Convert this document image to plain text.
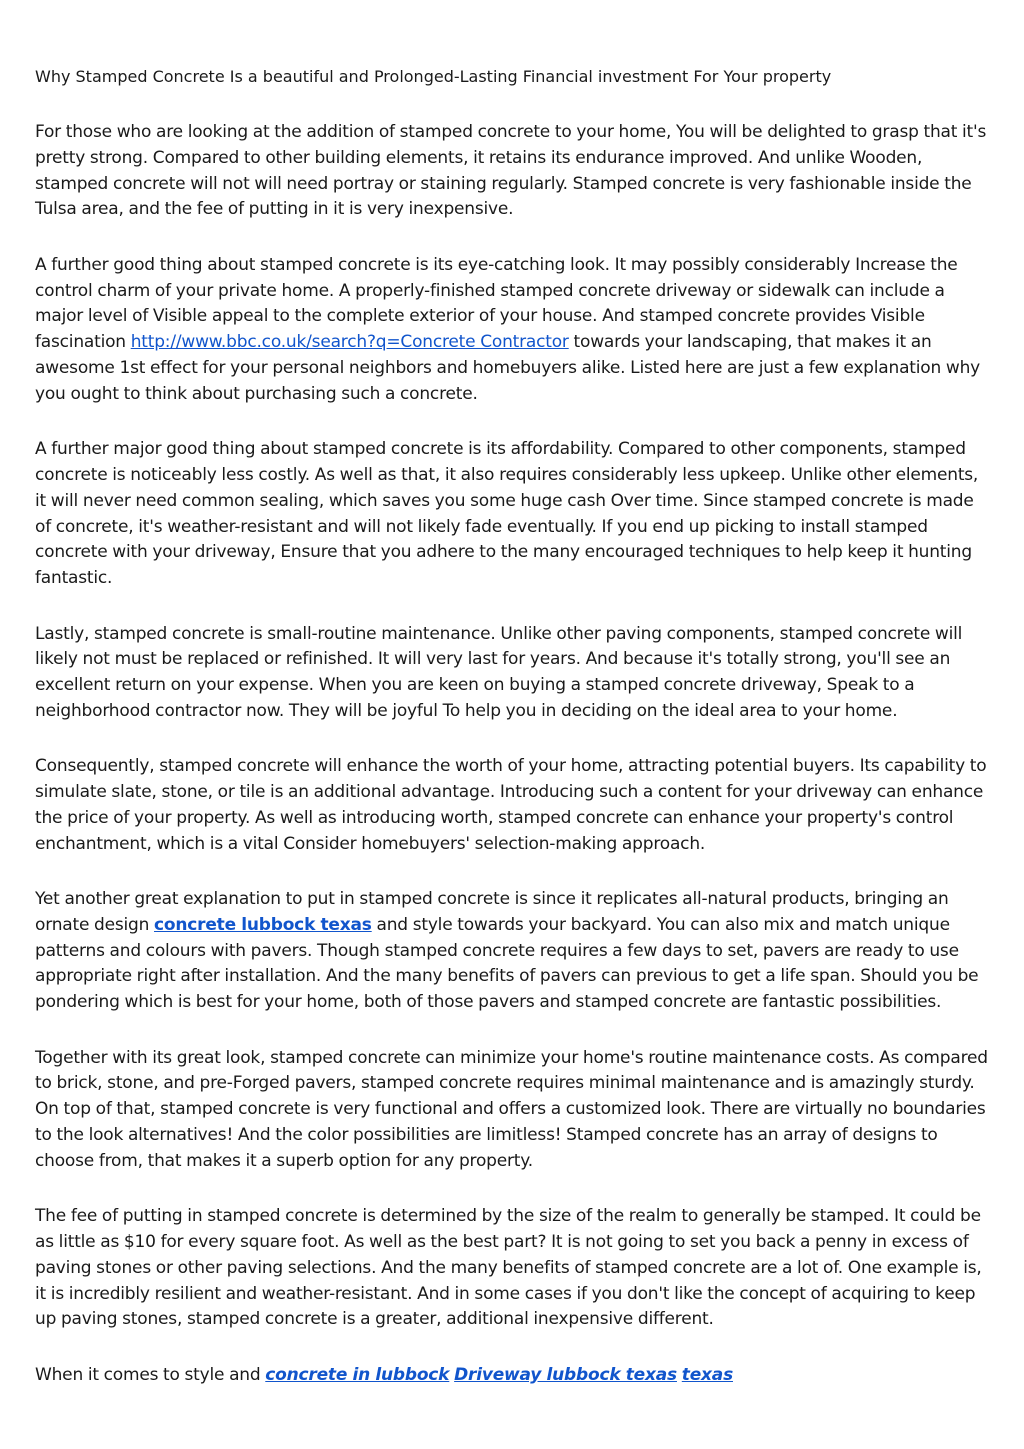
Why Stamped Concrete Is a beautiful and Prolonged-Lasting Financial investment For Your property

For those who are looking at the addition of stamped concrete to your home, You will be delighted to grasp that it's pretty strong. Compared to other building elements, it retains its endurance improved. And unlike Wooden, stamped concrete will not will need portray or staining regularly. Stamped concrete is very fashionable inside the Tulsa area, and the fee of putting in it is very inexpensive.

A further good thing about stamped concrete is its eye-catching look. It may possibly considerably Increase the control charm of your private home. A properly-finished stamped concrete driveway or sidewalk can include a major level of Visible appeal to the complete exterior of your house. And stamped concrete provides Visible fascination http://www.bbc.co.uk/search?q=Concrete Contractor towards your landscaping, that makes it an awesome 1st effect for your personal neighbors and homebuyers alike. Listed here are just a few explanation why you ought to think about purchasing such a concrete.

A further major good thing about stamped concrete is its affordability. Compared to other components, stamped concrete is noticeably less costly. As well as that, it also requires considerably less upkeep. Unlike other elements, it will never need common sealing, which saves you some huge cash Over time. Since stamped concrete is made of concrete, it's weather-resistant and will not likely fade eventually. If you end up picking to install stamped concrete with your driveway, Ensure that you adhere to the many encouraged techniques to help keep it hunting fantastic.

Lastly, stamped concrete is small-routine maintenance. Unlike other paving components, stamped concrete will likely not must be replaced or refinished. It will very last for years. And because it's totally strong, you'll see an excellent return on your expense. When you are keen on buying a stamped concrete driveway, Speak to a neighborhood contractor now. They will be joyful To help you in deciding on the ideal area to your home.

Consequently, stamped concrete will enhance the worth of your home, attracting potential buyers. Its capability to simulate slate, stone, or tile is an additional advantage. Introducing such a content for your driveway can enhance the price of your property. As well as introducing worth, stamped concrete can enhance your property's control enchantment, which is a vital Consider homebuyers' selection-making approach.

Yet another great explanation to put in stamped concrete is since it replicates all-natural products, bringing an ornate design concrete lubbock texas and style towards your backyard. You can also mix and match unique patterns and colours with pavers. Though stamped concrete requires a few days to set, pavers are ready to use appropriate right after installation. And the many benefits of pavers can previous to get a life span. Should you be pondering which is best for your home, both of those pavers and stamped concrete are fantastic possibilities.

Together with its great look, stamped concrete can minimize your home's routine maintenance costs. As compared to brick, stone, and pre-Forged pavers, stamped concrete requires minimal maintenance and is amazingly sturdy. On top of that, stamped concrete is very functional and offers a customized look. There are virtually no boundaries to the look alternatives! And the color possibilities are limitless! Stamped concrete has an array of designs to choose from, that makes it a superb option for any property.

The fee of putting in stamped concrete is determined by the size of the realm to generally be stamped. It could be as little as $10 for every square foot. As well as the best part? It is not going to set you back a penny in excess of paving stones or other paving selections. And the many benefits of stamped concrete are a lot of. One example is, it is incredibly resilient and weather-resistant. And in some cases if you don't like the concept of acquiring to keep up paving stones, stamped concrete is a greater, additional inexpensive different.

When it comes to style and concrete in lubbock Driveway lubbock texas texas
